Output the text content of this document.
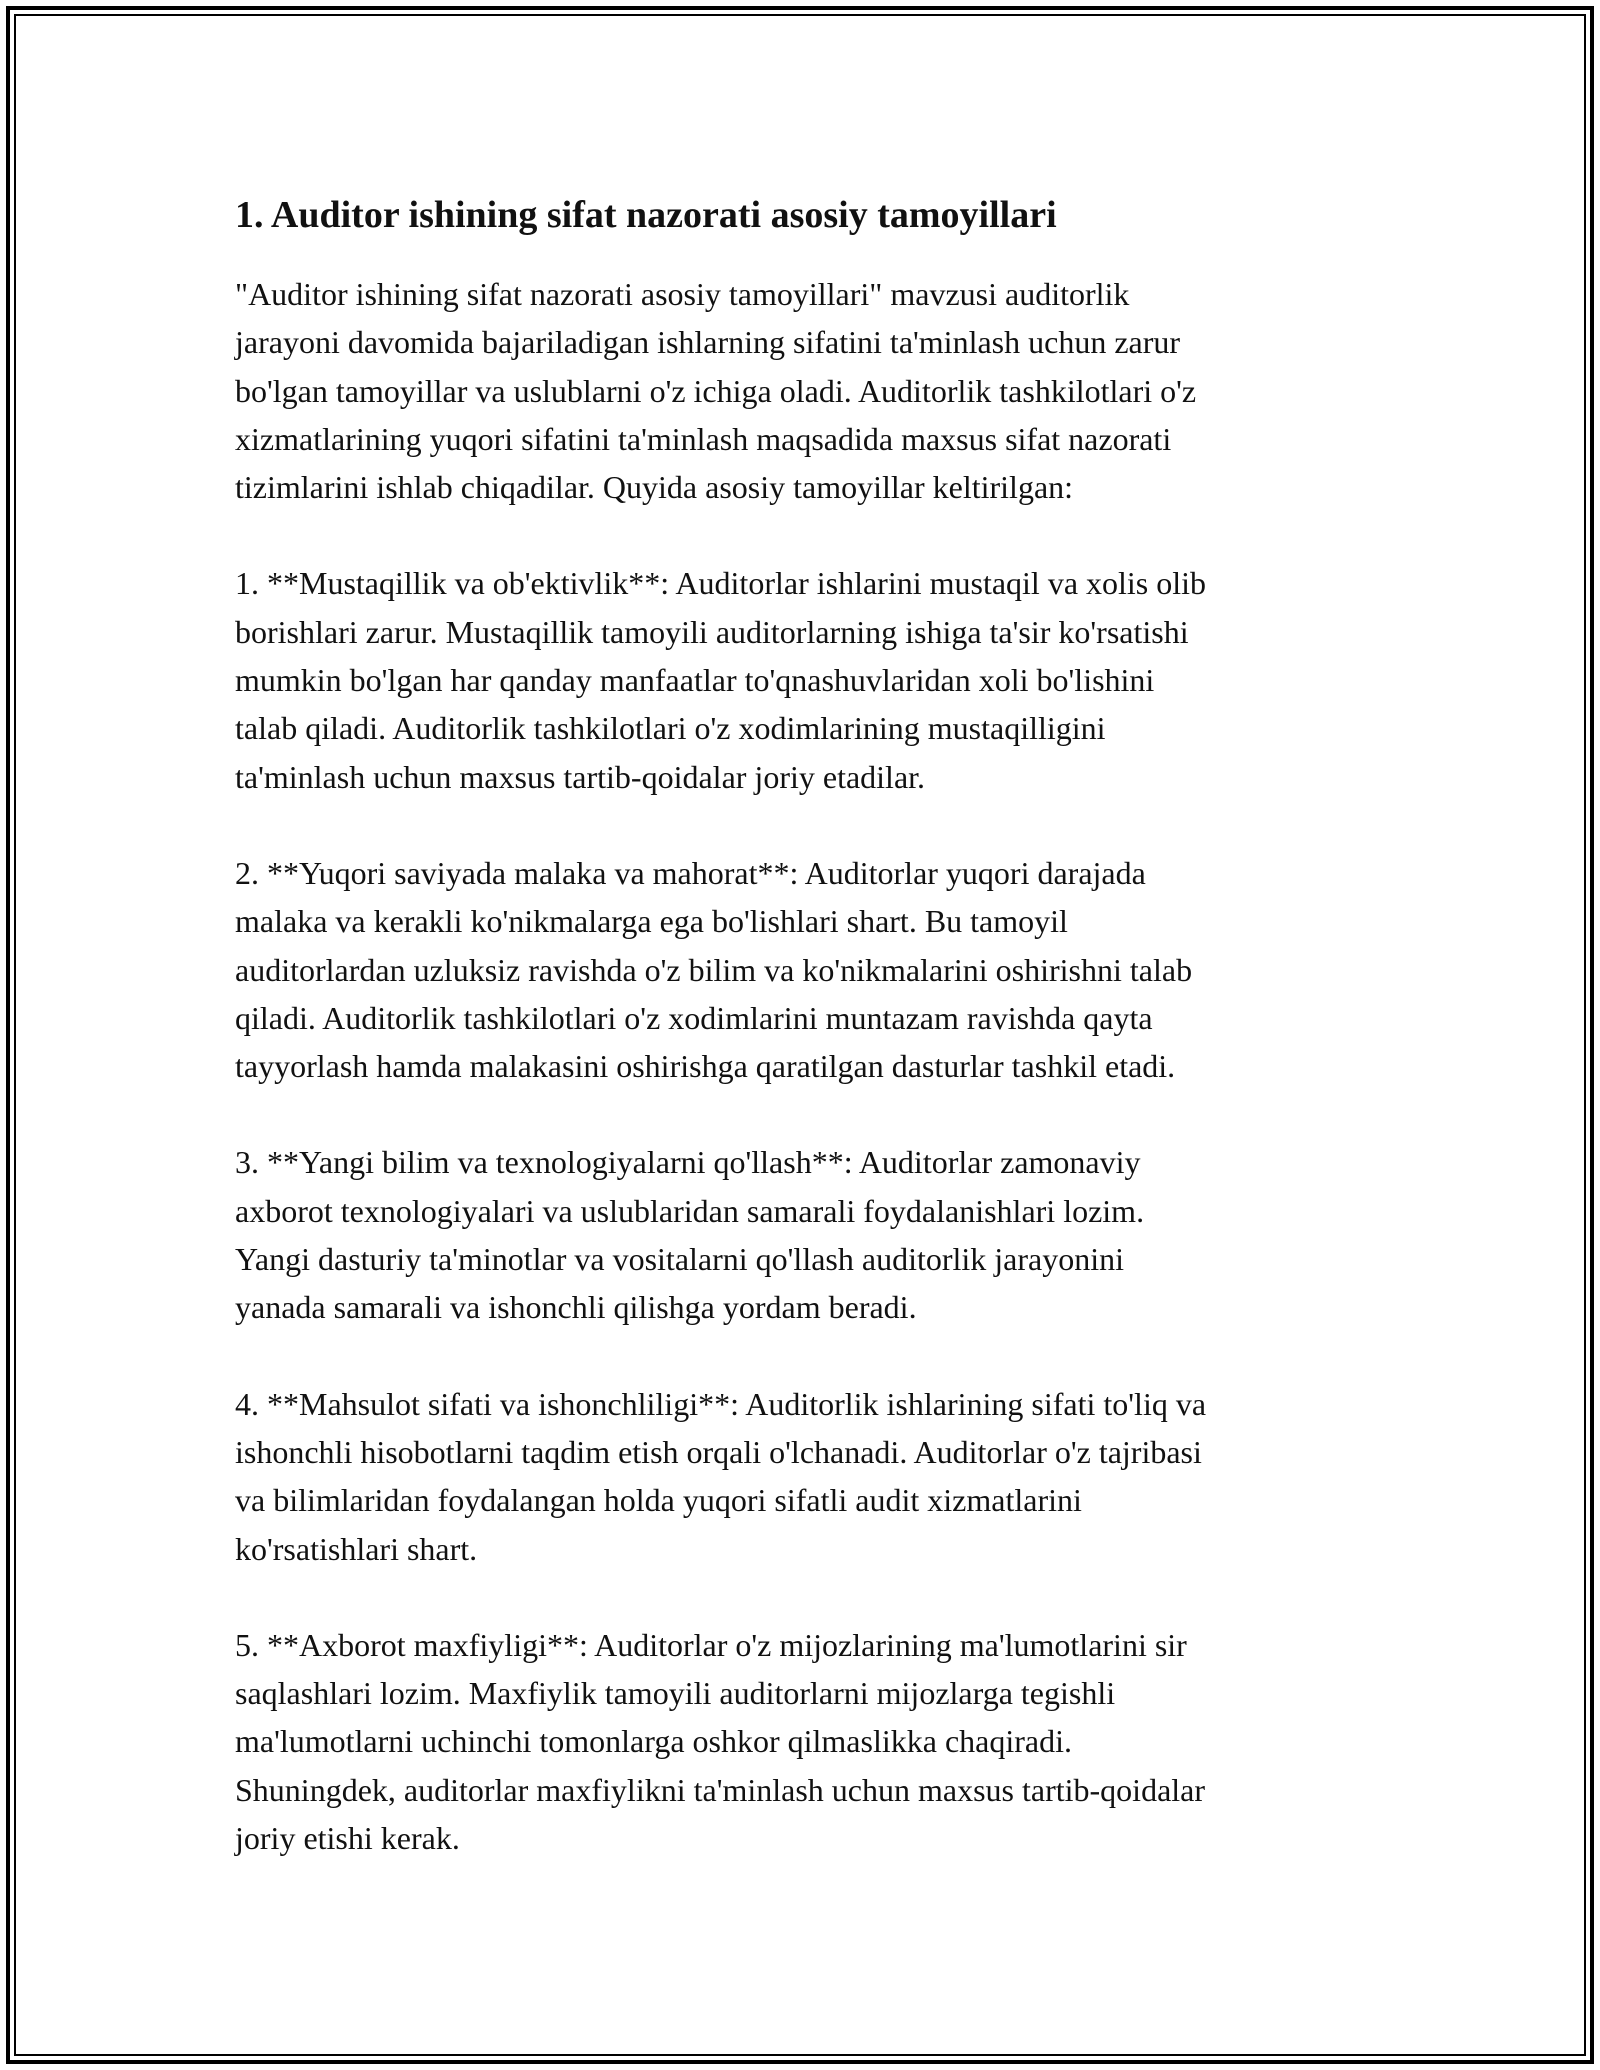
1. Auditor ishining sifat nazorati asosiy tamoyillari

"Auditor ishining sifat nazorati asosiy tamoyillari" mavzusi auditorlik
jarayoni davomida bajariladigan ishlarning sifatini ta'minlash uchun zarur
bo'lgan tamoyillar va uslublarni o'z ichiga oladi. Auditorlik tashkilotlari o'z
xizmatlarining yuqori sifatini ta'minlash maqsadida maxsus sifat nazorati
tizimlarini ishlab chiqadilar. Quyida asosiy tamoyillar keltirilgan:

1. **Mustaqillik va ob'ektivlik**: Auditorlar ishlarini mustaqil va xolis olib
borishlari zarur. Mustaqillik tamoyili auditorlarning ishiga ta'sir ko'rsatishi
mumkin bo'lgan har qanday manfaatlar to'qnashuvlaridan xoli bo'lishini
talab qiladi. Auditorlik tashkilotlari o'z xodimlarining mustaqilligini
ta'minlash uchun maxsus tartib-qoidalar joriy etadilar.

2. **Yuqori saviyada malaka va mahorat**: Auditorlar yuqori darajada
malaka va kerakli ko'nikmalarga ega bo'lishlari shart. Bu tamoyil
auditorlardan uzluksiz ravishda o'z bilim va ko'nikmalarini oshirishni talab
qiladi. Auditorlik tashkilotlari o'z xodimlarini muntazam ravishda qayta
tayyorlash hamda malakasini oshirishga qaratilgan dasturlar tashkil etadi.

3. **Yangi bilim va texnologiyalarni qo'llash**: Auditorlar zamonaviy
axborot texnologiyalari va uslublaridan samarali foydalanishlari lozim.
Yangi dasturiy ta'minotlar va vositalarni qo'llash auditorlik jarayonini
yanada samarali va ishonchli qilishga yordam beradi.

4. **Mahsulot sifati va ishonchliligi**: Auditorlik ishlarining sifati to'liq va
ishonchli hisobotlarni taqdim etish orqali o'lchanadi. Auditorlar o'z tajribasi
va bilimlaridan foydalangan holda yuqori sifatli audit xizmatlarini
ko'rsatishlari shart.

5. **Axborot maxfiyligi**: Auditorlar o'z mijozlarining ma'lumotlarini sir
saqlashlari lozim. Maxfiylik tamoyili auditorlarni mijozlarga tegishli
ma'lumotlarni uchinchi tomonlarga oshkor qilmaslikka chaqiradi.
Shuningdek, auditorlar maxfiylikni ta'minlash uchun maxsus tartib-qoidalar
joriy etishi kerak.
